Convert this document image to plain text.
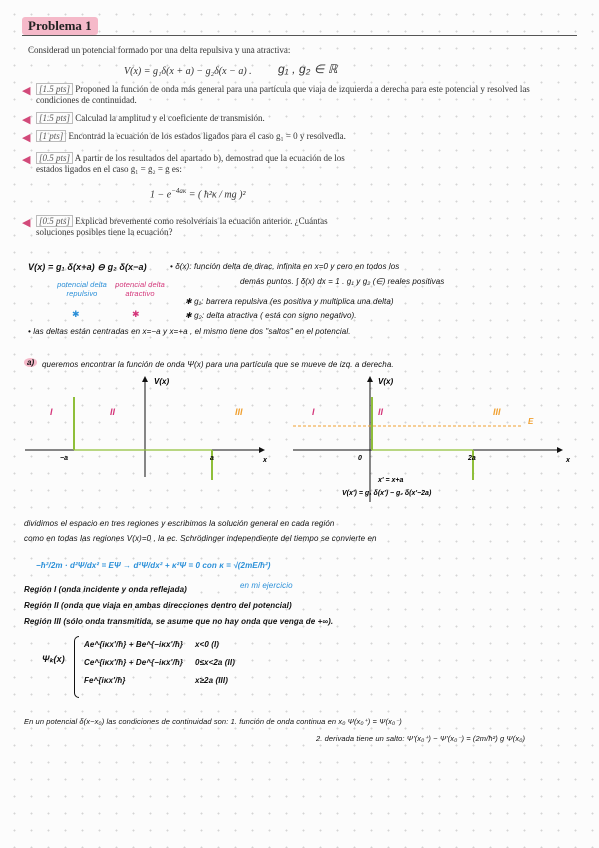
Problema 1
Considerad un potencial formado por una delta repulsiva y una atractiva:
V(x) = g₁δ(x + a) − g₂δ(x − a) . g₁ , g₂ ∈ ℝ
◀ [1.5 pts] Proponed la función de onda más general para una partícula que viaja de izquierda a derecha para este potencial y resolved las condiciones de continuidad.
◀ [1.5 pts] Calculad la amplitud y el coeficiente de transmisión.
◀ [1 pts] Encontrad la ecuación de los estados ligados para el caso g₁ = 0 y resolvedla.
◀ [0.5 pts] A partir de los resultados del apartado b), demostrad que la ecuación de los estados ligados en el caso g₁ = g₂ = g es:
$1 - e^{-4a\kappa}$ = ( ħ²κ / mg )²
◀ [0.5 pts] Explicad brevemente como resolveríais la ecuación anterior. ¿Cuántas soluciones posibles tiene la ecuación?
V(x) = g₁ δ(x+a) ⊖ g₂ δ(x−a)	• δ(x): función delta de dirac, infinita en x=0 y cero en todos los
demás puntos. ∫ δ(x) dx = 1 . g₁ y g₂ (∈) reales positivas
potencial delta repulsivo
potencial delta atractivo
✱	✱
✱ g₁: barrera repulsiva (es positiva y multiplica una delta)
✱ g₂: delta atractiva ( está con signo negativo).
• las deltas están centradas en x=−a y x=+a , el mismo tiene dos "saltos" en el potencial.
a) queremos encontrar la función de onda Ψ(x) para una partícula que se mueve de izq. a derecha.
V(x)
I	II	III
−a	a	x
V(x)
I	II	III
E
0	2a	x
x' = x+a
V(x') = g₁ δ(x') − g₂ δ(x'−2a)
dividimos el espacio en tres regiones y escribimos la solución general en cada región
como en todas las regiones V(x)=0 , la ec. Schrödinger independiente del tiempo se convierte en
−ħ²/2m · d²Ψ/dx² = EΨ → d²Ψ/dx² + κ²Ψ = 0 con κ = √(2mE/ħ²)
en mi ejercicio
Región I (onda incidente y onda reflejada)
Región II (onda que viaja en ambas direcciones dentro del potencial)
Región III (sólo onda transmitida, se asume que no hay onda que venga de +∞).
Ψₖ(x)
Ae^{iκx'/ħ} + Be^{−iκx'/ħ} x<0 (I)
Ce^{iκx'/ħ} + De^{−iκx'/ħ} 0≤x<2a (II)
Fe^{iκx'/ħ}	x≥2a (III)
En un potencial δ(x−x₀) las condiciones de continuidad son: 1. función de onda continua en x₀ Ψ(x₀⁺) = Ψ(x₀⁻)
2. derivada tiene un salto: Ψ'(x₀⁺) − Ψ'(x₀⁻) = (2m/ħ²) g Ψ(x₀)
